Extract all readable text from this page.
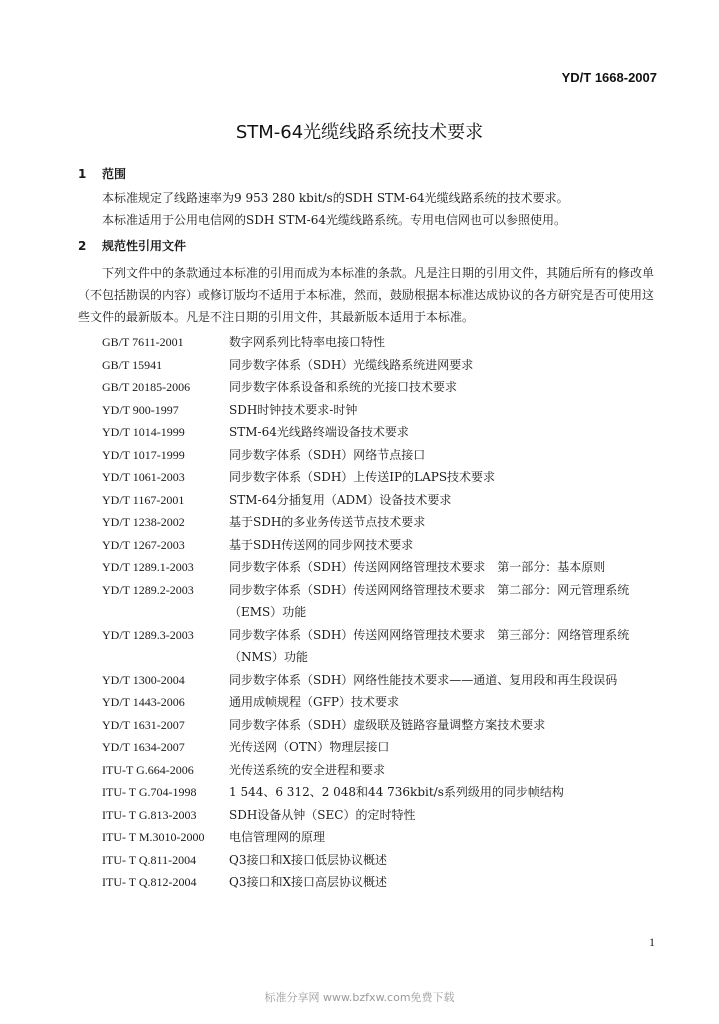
YD/T 1668-2007
STM-64光缆线路系统技术要求
1 范围
本标准规定了线路速率为9 953 280 kbit/s的SDH STM-64光缆线路系统的技术要求。
本标准适用于公用电信网的SDH STM-64光缆线路系统。专用电信网也可以参照使用。
2 规范性引用文件
下列文件中的条款通过本标准的引用而成为本标准的条款。凡是注日期的引用文件，其随后所有的修改单（不包括勘误的内容）或修订版均不适用于本标准，然而，鼓励根据本标准达成协议的各方研究是否可使用这些文件的最新版本。凡是不注日期的引用文件，其最新版本适用于本标准。
GB/T 7611-2001	数字网系列比特率电接口特性
GB/T 15941	同步数字体系（SDH）光缆线路系统进网要求
GB/T 20185-2006	同步数字体系设备和系统的光接口技术要求
YD/T 900-1997	SDH时钟技术要求-时钟
YD/T 1014-1999	STM-64光线路终端设备技术要求
YD/T 1017-1999	同步数字体系（SDH）网络节点接口
YD/T 1061-2003	同步数字体系（SDH）上传送IP的LAPS技术要求
YD/T 1167-2001	STM-64分插复用（ADM）设备技术要求
YD/T 1238-2002	基于SDH的多业务传送节点技术要求
YD/T 1267-2003	基于SDH传送网的同步网技术要求
YD/T 1289.1-2003	同步数字体系（SDH）传送网网络管理技术要求　第一部分：基本原则
YD/T 1289.2-2003	同步数字体系（SDH）传送网网络管理技术要求　第二部分：网元管理系统
（EMS）功能
YD/T 1289.3-2003	同步数字体系（SDH）传送网网络管理技术要求　第三部分：网络管理系统
（NMS）功能
YD/T 1300-2004	同步数字体系（SDH）网络性能技术要求——通道、复用段和再生段误码
YD/T 1443-2006	通用成帧规程（GFP）技术要求
YD/T 1631-2007	同步数字体系（SDH）虚级联及链路容量调整方案技术要求
YD/T 1634-2007	光传送网（OTN）物理层接口
ITU-T G.664-2006	光传送系统的安全进程和要求
ITU- T G.704-1998	1 544、6 312、2 048和44 736kbit/s系列级用的同步帧结构
ITU- T G.813-2003	SDH设备从钟（SEC）的定时特性
ITU- T M.3010-2000	电信管理网的原理
ITU- T Q.811-2004	Q3接口和X接口低层协议概述
ITU- T Q.812-2004	Q3接口和X接口高层协议概述
1
标准分享网 www.bzfxw.com免费下载
